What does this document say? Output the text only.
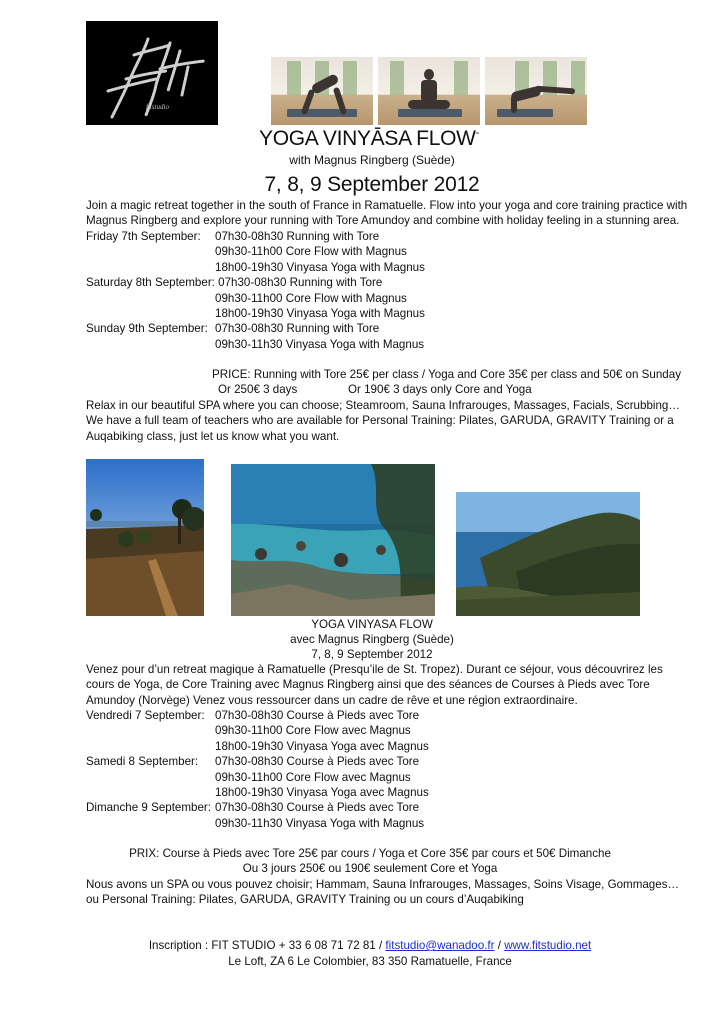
fitstudio
YOGA VINYĀSA FLOW-
with Magnus Ringberg (Suède)
7, 8, 9 September 2012
Join a magic retreat together in the south of France in Ramatuelle. Flow into your yoga and core training practice with
Magnus Ringberg and explore your running with Tore Amundoy and combine with holiday feeling in a stunning area.
Friday 7th September: 07h30-08h30 Running with Tore
09h30-11h00 Core Flow with Magnus
18h00-19h30 Vinyasa Yoga with Magnus
Saturday 8th September: 07h30-08h30 Running with Tore
09h30-11h00 Core Flow with Magnus
18h00-19h30 Vinyasa Yoga with Magnus
Sunday 9th September: 07h30-08h30 Running with Tore
09h30-11h30 Vinyasa Yoga with Magnus
PRICE: Running with Tore 25€ per class / Yoga and Core 35€ per class and 50€ on Sunday
Or 250€ 3 days	Or 190€ 3 days only Core and Yoga
Relax in our beautiful SPA where you can choose; Steamroom, Sauna Infrarouges, Massages, Facials, Scrubbing…
We have a full team of teachers who are available for Personal Training: Pilates, GARUDA, GRAVITY Training or a
Auqabiking class, just let us know what you want.
YOGA VINYASA FLOW
avec Magnus Ringberg (Suède)
7, 8, 9 September 2012
Venez pour d’un retreat magique à Ramatuelle (Presqu’ile de St. Tropez). Durant ce séjour, vous découvrirez les
cours de Yoga, de Core Training avec Magnus Ringberg ainsi que des séances de Courses à Pieds avec Tore
Amundoy (Norvège) Venez vous ressourcer dans un cadre de rêve et une région extraordinaire.
Vendredi 7 September: 07h30-08h30 Course à Pieds avec Tore
09h30-11h00 Core Flow avec Magnus
18h00-19h30 Vinyasa Yoga avec Magnus
Samedi 8 September: 07h30-08h30 Course à Pieds avec Tore
09h30-11h00 Core Flow avec Magnus
18h00-19h30 Vinyasa Yoga avec Magnus
Dimanche 9 September: 07h30-08h30 Course à Pieds avec Tore
09h30-11h30 Vinyasa Yoga with Magnus
PRIX: Course à Pieds avec Tore 25€ par cours / Yoga et Core 35€ par cours et 50€ Dimanche
Ou 3 jours 250€ ou 190€ seulement Core et Yoga
Nous avons un SPA ou vous pouvez choisir; Hammam, Sauna Infrarouges, Massages, Soins Visage, Gommages…
ou Personal Training: Pilates, GARUDA, GRAVITY Training ou un cours d’Auqabiking
Inscription : FIT STUDIO + 33 6 08 71 72 81 / fitstudio@wanadoo.fr / www.fitstudio.net
Le Loft, ZA 6 Le Colombier, 83 350 Ramatuelle, France
